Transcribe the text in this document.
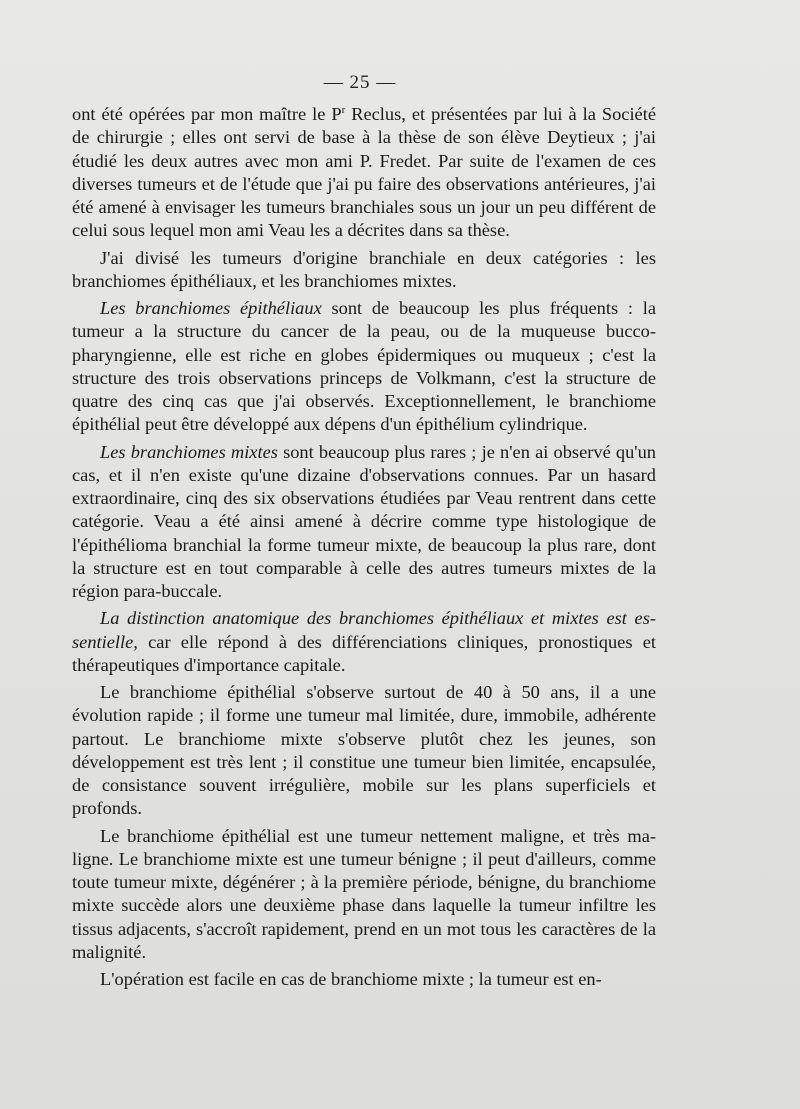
— 25 —

ont été opérées par mon maître le $P^r$ Reclus, et présentées par lui à la Société de chirurgie ; elles ont servi de base à la thèse de son élève Deytieux ; j'ai étudié les deux autres avec mon ami P. Fredet. Par suite de l'examen de ces diverses tumeurs et de l'étude que j'ai pu faire des observations antérieures, j'ai été amené à envisager les tumeurs branchiales sous un jour un peu différent de celui sous lequel mon ami Veau les a décrites dans sa thèse.

J'ai divisé les tumeurs d'origine branchiale en deux catégories : les branchiomes épithéliaux, et les branchiomes mixtes.

Les branchiomes épithéliaux sont de beaucoup les plus fréquents : la tumeur a la structure du cancer de la peau, ou de la muqueuse buccopharyngienne, elle est riche en globes épidermiques ou muqueux ; c'est la structure des trois observations princeps de Volkmann, c'est la structure de quatre des cinq cas que j'ai observés. Exceptionnellement, le branchiome épithélial peut être développé aux dépens d'un épithélium cylindrique.

Les branchiomes mixtes sont beaucoup plus rares ; je n'en ai observé qu'un cas, et il n'en existe qu'une dizaine d'observations connues. Par un hasard extraordinaire, cinq des six observations étudiées par Veau rentrent dans cette catégorie. Veau a été ainsi amené à décrire comme type histologique de l'épithélioma branchial la forme tumeur mixte, de beaucoup la plus rare, dont la structure est en tout comparable à celle des autres tumeurs mixtes de la région para-buccale.

La distinction anatomique des branchiomes épithéliaux et mixtes est essentielle, car elle répond à des différenciations cliniques, pronostiques et thérapeutiques d'importance capitale.

Le branchiome épithélial s'observe surtout de 40 à 50 ans, il a une évolution rapide ; il forme une tumeur mal limitée, dure, immobile, adhérente partout. Le branchiome mixte s'observe plutôt chez les jeunes, son développement est très lent ; il constitue une tumeur bien limitée, encapsulée, de consistance souvent irrégulière, mobile sur les plans superficiels et profonds.

Le branchiome épithélial est une tumeur nettement maligne, et très maligne. Le branchiome mixte est une tumeur bénigne ; il peut d'ailleurs, comme toute tumeur mixte, dégénérer ; à la première période, bénigne, du branchiome mixte succède alors une deuxième phase dans laquelle la tumeur infiltre les tissus adjacents, s'accroît rapidement, prend en un mot tous les caractères de la malignité.

L'opération est facile en cas de branchiome mixte ; la tumeur est en-
